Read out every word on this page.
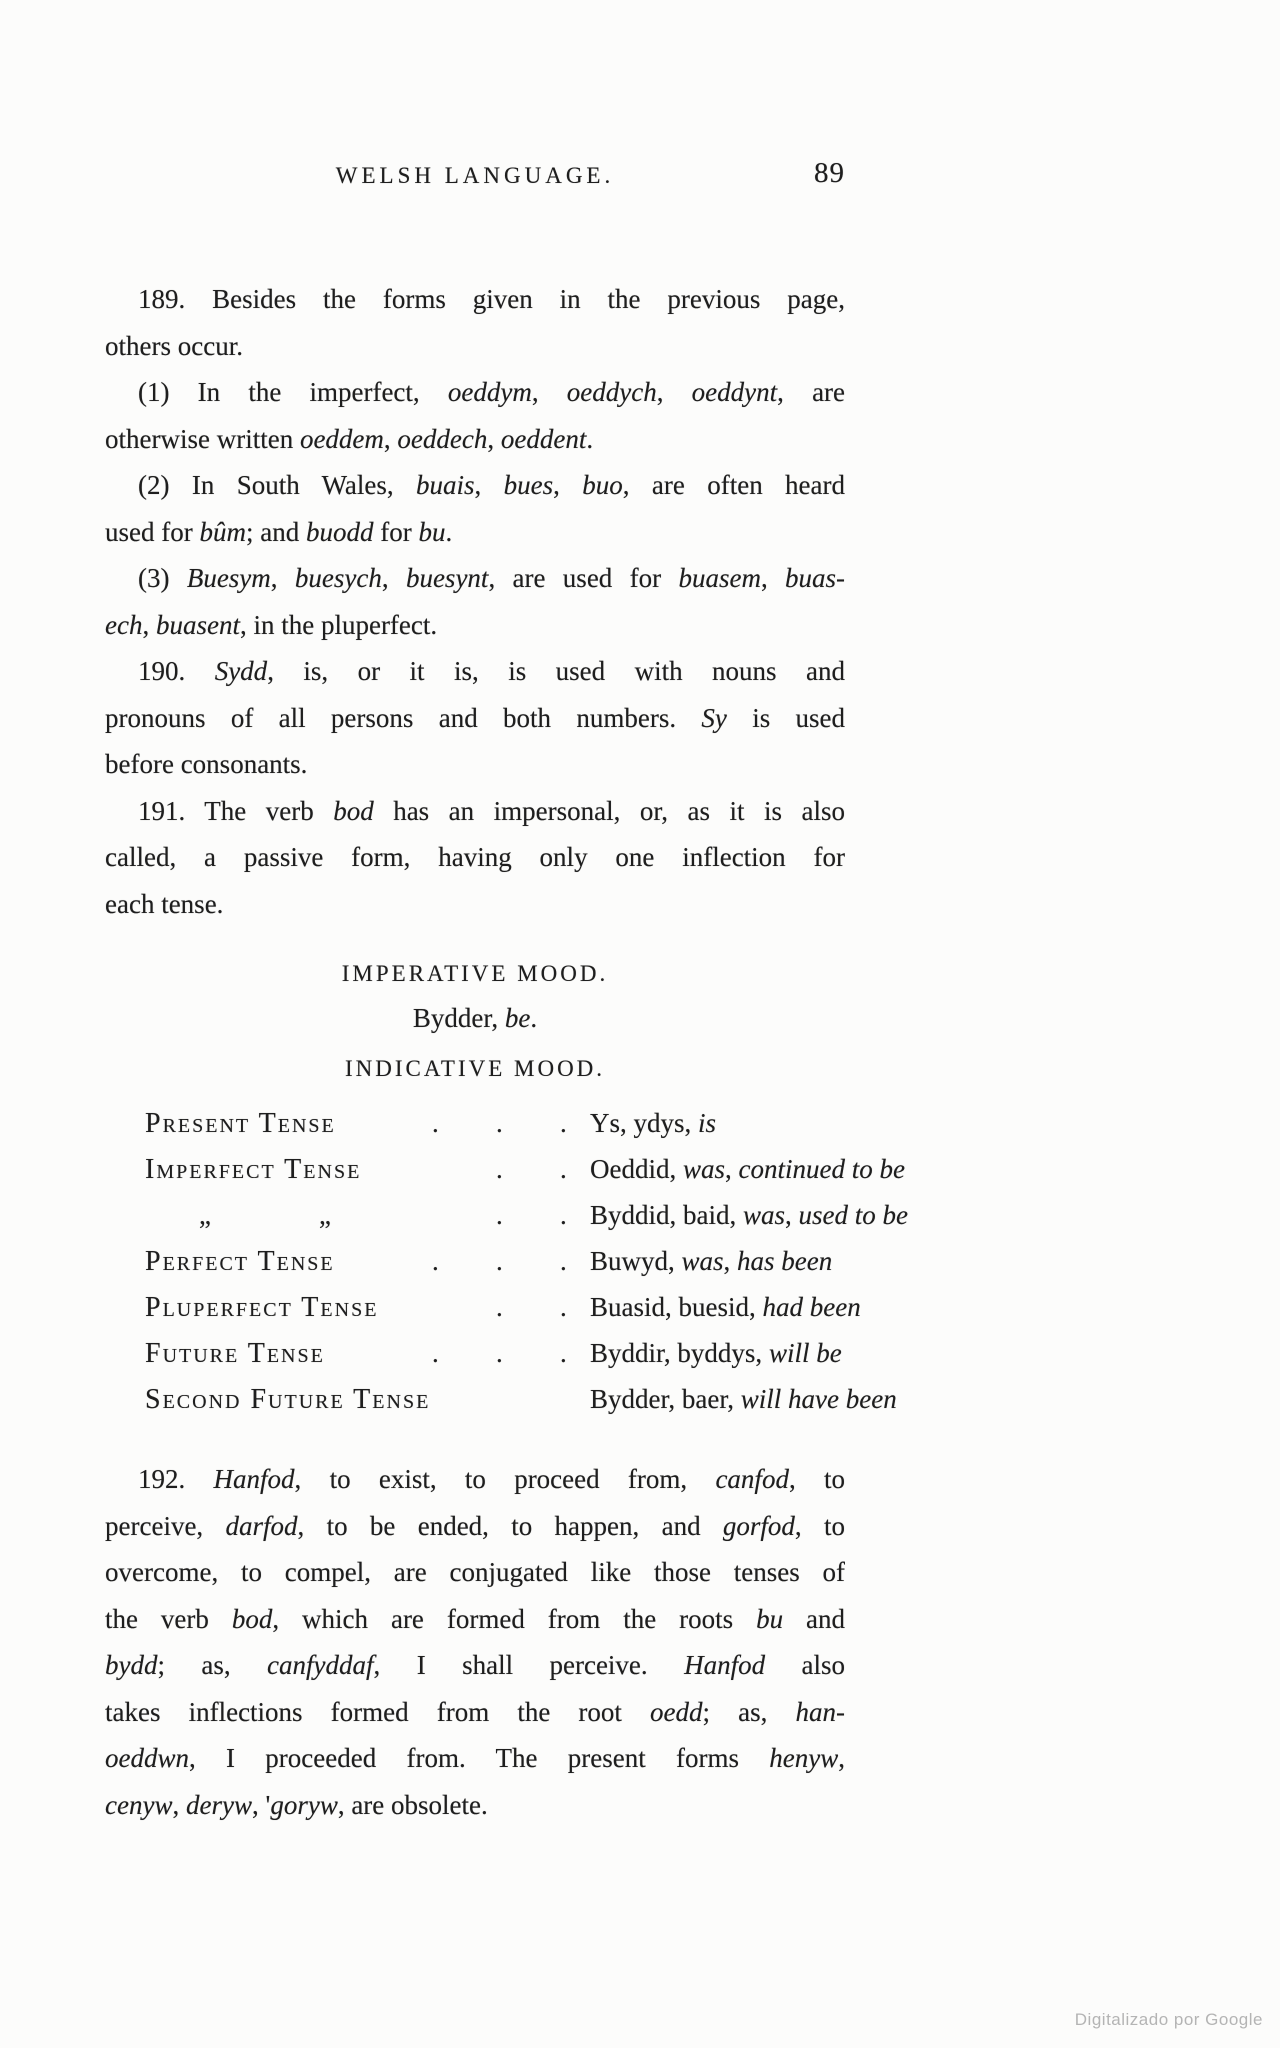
WELSH LANGUAGE.	89
189. Besides the forms given in the previous page,
others occur.
(1) In the imperfect, oeddym, oeddych, oeddynt, are
otherwise written oeddem, oeddech, oeddent.
(2) In South Wales, buais, bues, buo, are often heard
used for bûm; and buodd for bu.
(3) Buesym, buesych, buesynt, are used for buasem, buas-
ech, buasent, in the pluperfect.
190. Sydd, is, or it is, is used with nouns and
pronouns of all persons and both numbers. Sy is used
before consonants.
191. The verb bod has an impersonal, or, as it is also
called, a passive form, having only one inflection for
each tense.
IMPERATIVE MOOD.
Bydder, be.
INDICATIVE MOOD.
Present Tense	. . . Ys, ydys, is
Imperfect Tense	. . Oeddid, was, continued to be
  „    „	. . Byddid, baid, was, used to be
Perfect Tense	. . . Buwyd, was, has been
Pluperfect Tense	. . Buasid, buesid, had been
Future Tense	. . . Byddir, byddys, will be
Second Future Tense	Bydder, baer, will have been
192. Hanfod, to exist, to proceed from, canfod, to
perceive, darfod, to be ended, to happen, and gorfod, to
overcome, to compel, are conjugated like those tenses of
the verb bod, which are formed from the roots bu and
bydd; as, canfyddaf, I shall perceive. Hanfod also
takes inflections formed from the root oedd; as, han-
oeddwn, I proceeded from. The present forms henyw,
cenyw, deryw, 'goryw, are obsolete.
Digitalizado por Google
